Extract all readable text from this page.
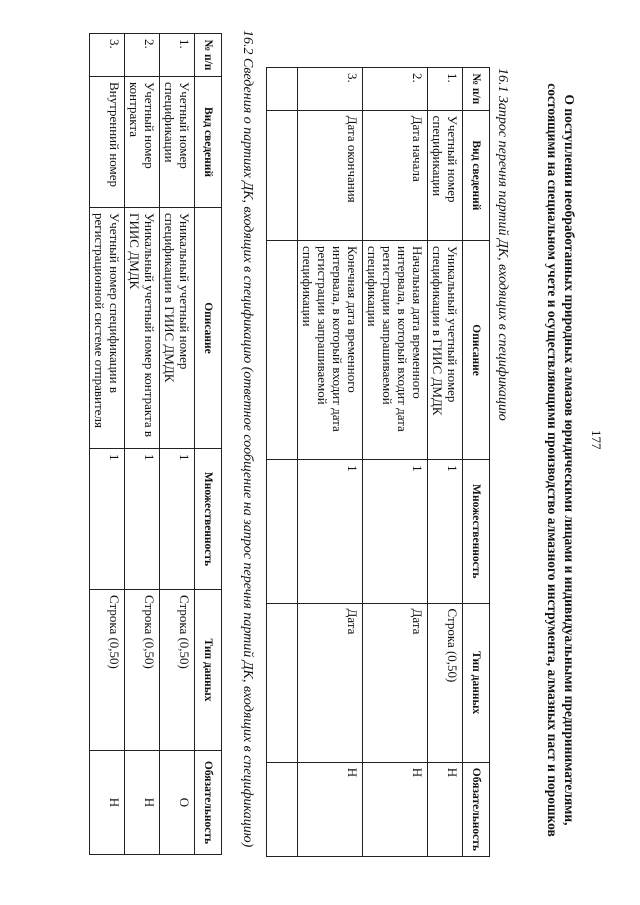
177
О поступлении необработанных природных алмазов юридическими лицами и индивидуальными предпринимателями, состоящими на специальном учете и осуществляющими производство алмазного инструмента, алмазных паст и порошков
16.1 Запрос перечня партий ДК, входящих в спецификацию
№ п/п	Вид сведений	Описание	Множественность	Тип данных	Обязательность
1.	Учетный номер спецификации	Уникальный учетный номер спецификации в ГИИС ДМДК	1	Строка (0,50)	Н
2.	Дата начала	Начальная дата временного интервала, в который входит дата регистрации запрашиваемой спецификации	1	Дата	Н
3.	Дата окончания	Конечная дата временного интервала, в который входит дата регистрации запрашиваемой спецификации	1	Дата	Н

16.2 Сведения о партиях ДК, входящих в спецификацию (ответное сообщение на запрос перечня партий ДК, входящих в спецификацию)
№ п/п	Вид сведений	Описание	Множественность	Тип данных	Обязательность
1.	Учетный номер спецификации	Уникальный учетный номер спецификации в ГИИС ДМДК	1	Строка (0,50)	О
2.	Учетный номер контракта	Уникальный учетный номер контракта в ГИИС ДМДК	1	Строка (0,50)	Н
3.	Внутренний номер	Учетный номер спецификации в регистрационной системе отправителя	1	Строка (0,50)	Н
